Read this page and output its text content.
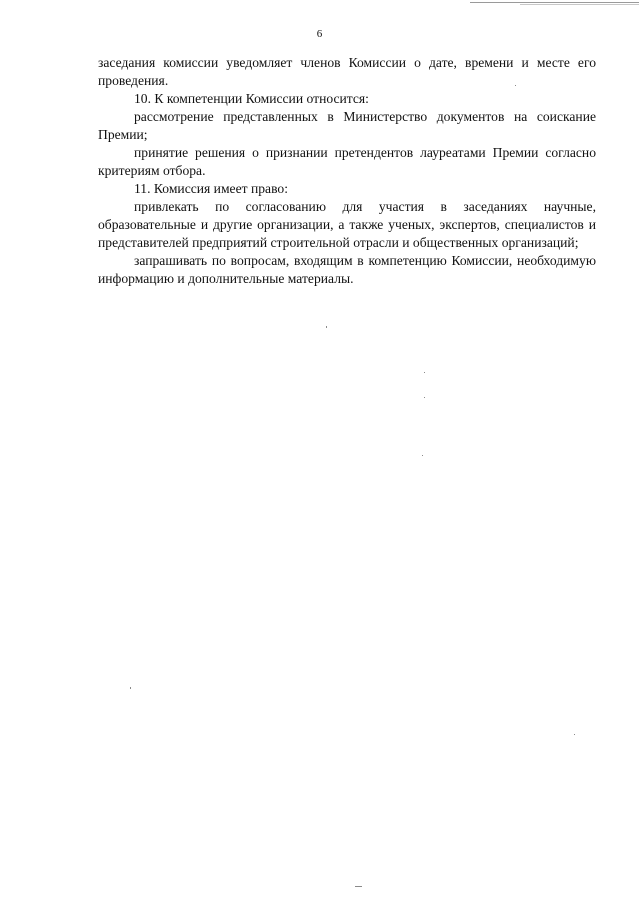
6

заседания комиссии уведомляет членов Комиссии о дате, времени и месте его проведения.

10. К компетенции Комиссии относится:

рассмотрение представленных в Министерство документов на соискание Премии;

принятие решения о признании претендентов лауреатами Премии согласно критериям отбора.

11. Комиссия имеет право:

привлекать по согласованию для участия в заседаниях научные, образовательные и другие организации, а также ученых, экспертов, специалистов и представителей предприятий строительной отрасли и общественных организаций;

запрашивать по вопросам, входящим в компетенцию Комиссии, необходимую информацию и дополнительные материалы.
